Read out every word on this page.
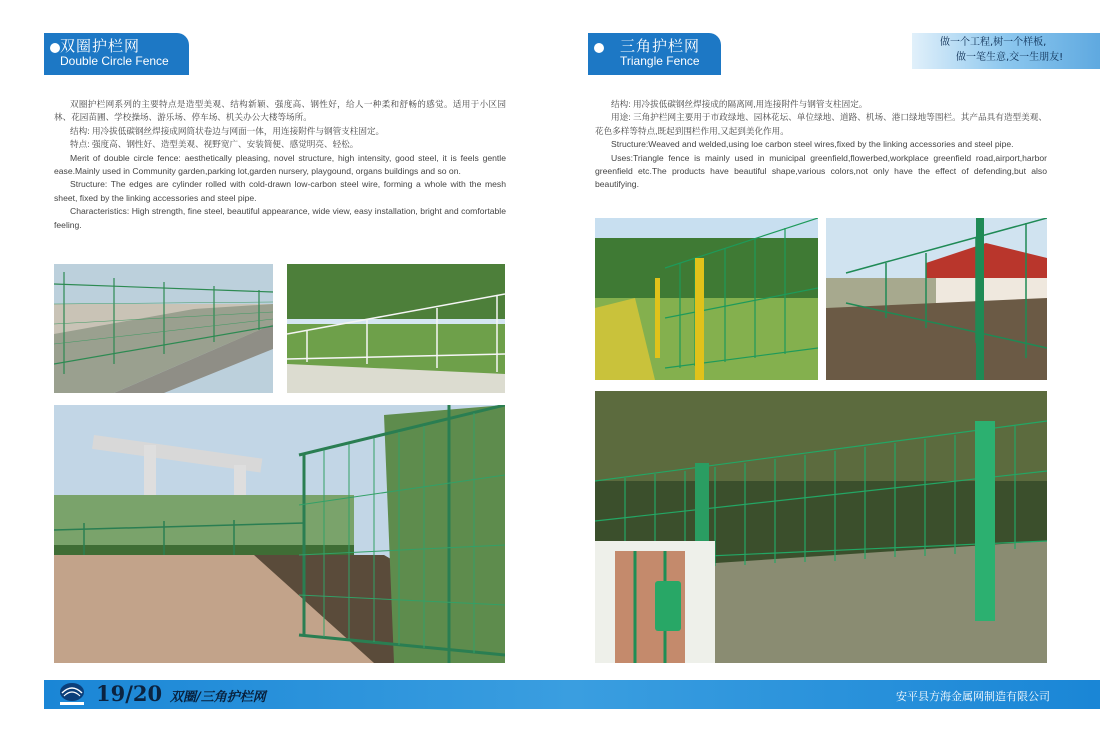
双圈护栏网
Double Circle Fence

双圈护栏网系列的主要特点是造型美观、结构新颖、强度高、钢性好，给人一种柔和舒畅的感觉。适用于小区园林、花园苗圃、学校操场、游乐场、停车场、机关办公大楼等场所。

结构: 用冷拔低碳钢丝焊接成网筒状卷边与网面一体，用连接附件与钢管支柱固定。

特点: 强度高、钢性好、造型美观、视野宽广、安装简便、感觉明亮、轻松。

Merit of double circle fence: aesthetically pleasing, novel structure, high intensity, good steel, it is feels gentle ease.Mainly used in Community garden,parking lot,garden nursery, playgound, organs buildings and so on.

Structure: The edges are cylinder rolled with cold-drawn low-carbon steel wire, forming a whole with the mesh sheet, fixed by the linking accessories and steel pipe.

Characteristics: High strength, fine steel, beautiful appearance, wide view, easy installation, bright and comfortable feeling.

三角护栏网
Triangle Fence
做一个工程,树一个样板,
做一笔生意,交一生朋友!

结构: 用冷拔低碳钢丝焊接成的隔离网,用连接附件与钢管支柱固定。

用途: 三角护栏网主要用于市政绿地、园林花坛、单位绿地、道路、机场、港口绿地等围栏。其产品具有造型美观、花色多样等特点,既起到围栏作用,又起到美化作用。

Structure:Weaved and welded,using loe carbon steel wires,fixed by the linking accessories and steel pipe.

Uses:Triangle fence is mainly used in municipal greenfield,flowerbed,workplace greenfield road,airport,harbor greenfield etc.The products have beautiful shape,various colors,not only have the effect of defending,but also beautifying.

19/20 双圈/三角护栏网	安平县方海金属网制造有限公司
